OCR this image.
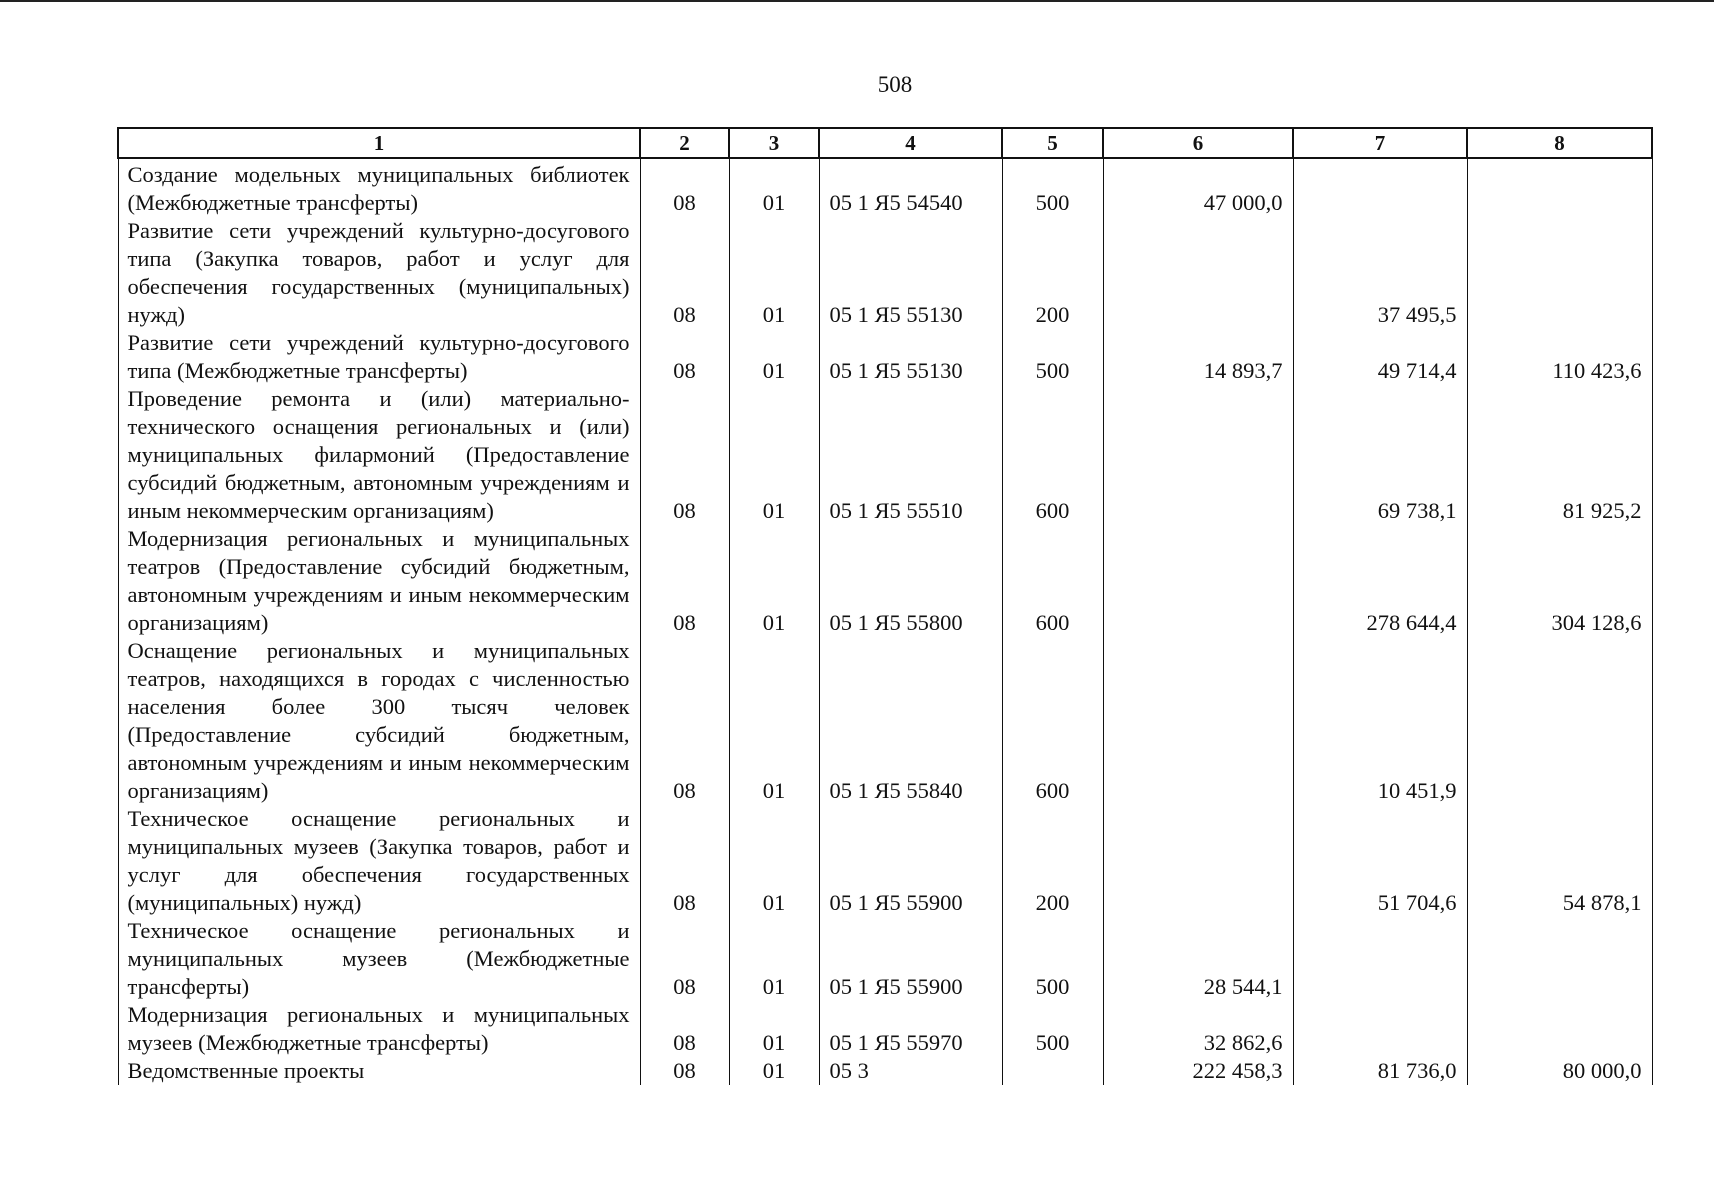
508
1	2	3	4	5	6	7	8
Создание модельных муниципальных библиотек (Межбюджетные трансферты)	08	01	05 1 Я5 54540	500	47 000,0		
Развитие сети учреждений культурно-досугового типа (Закупка товаров, работ и услуг для обеспечения государственных (муниципальных) нужд)	08	01	05 1 Я5 55130	200		37 495,5	
Развитие сети учреждений культурно-досугового типа (Межбюджетные трансферты)	08	01	05 1 Я5 55130	500	14 893,7	49 714,4	110 423,6
Проведение ремонта и (или) материально-технического оснащения региональных и (или) муниципальных филармоний (Предоставление субсидий бюджетным, автономным учреждениям и иным некоммерческим организациям)	08	01	05 1 Я5 55510	600		69 738,1	81 925,2
Модернизация региональных и муниципальных театров (Предоставление субсидий бюджетным, автономным учреждениям и иным некоммерческим организациям)	08	01	05 1 Я5 55800	600		278 644,4	304 128,6
Оснащение региональных и муниципальных театров, находящихся в городах с численностью населения более 300 тысяч человек (Предоставление субсидий бюджетным, автономным учреждениям и иным некоммерческим организациям)	08	01	05 1 Я5 55840	600		10 451,9	
Техническое оснащение региональных и муниципальных музеев (Закупка товаров, работ и услуг для обеспечения государственных (муниципальных) нужд)	08	01	05 1 Я5 55900	200		51 704,6	54 878,1
Техническое оснащение региональных и муниципальных музеев (Межбюджетные трансферты)	08	01	05 1 Я5 55900	500	28 544,1		
Модернизация региональных и муниципальных музеев (Межбюджетные трансферты)	08	01	05 1 Я5 55970	500	32 862,6		
Ведомственные проекты	08	01	05 3		222 458,3	81 736,0	80 000,0
